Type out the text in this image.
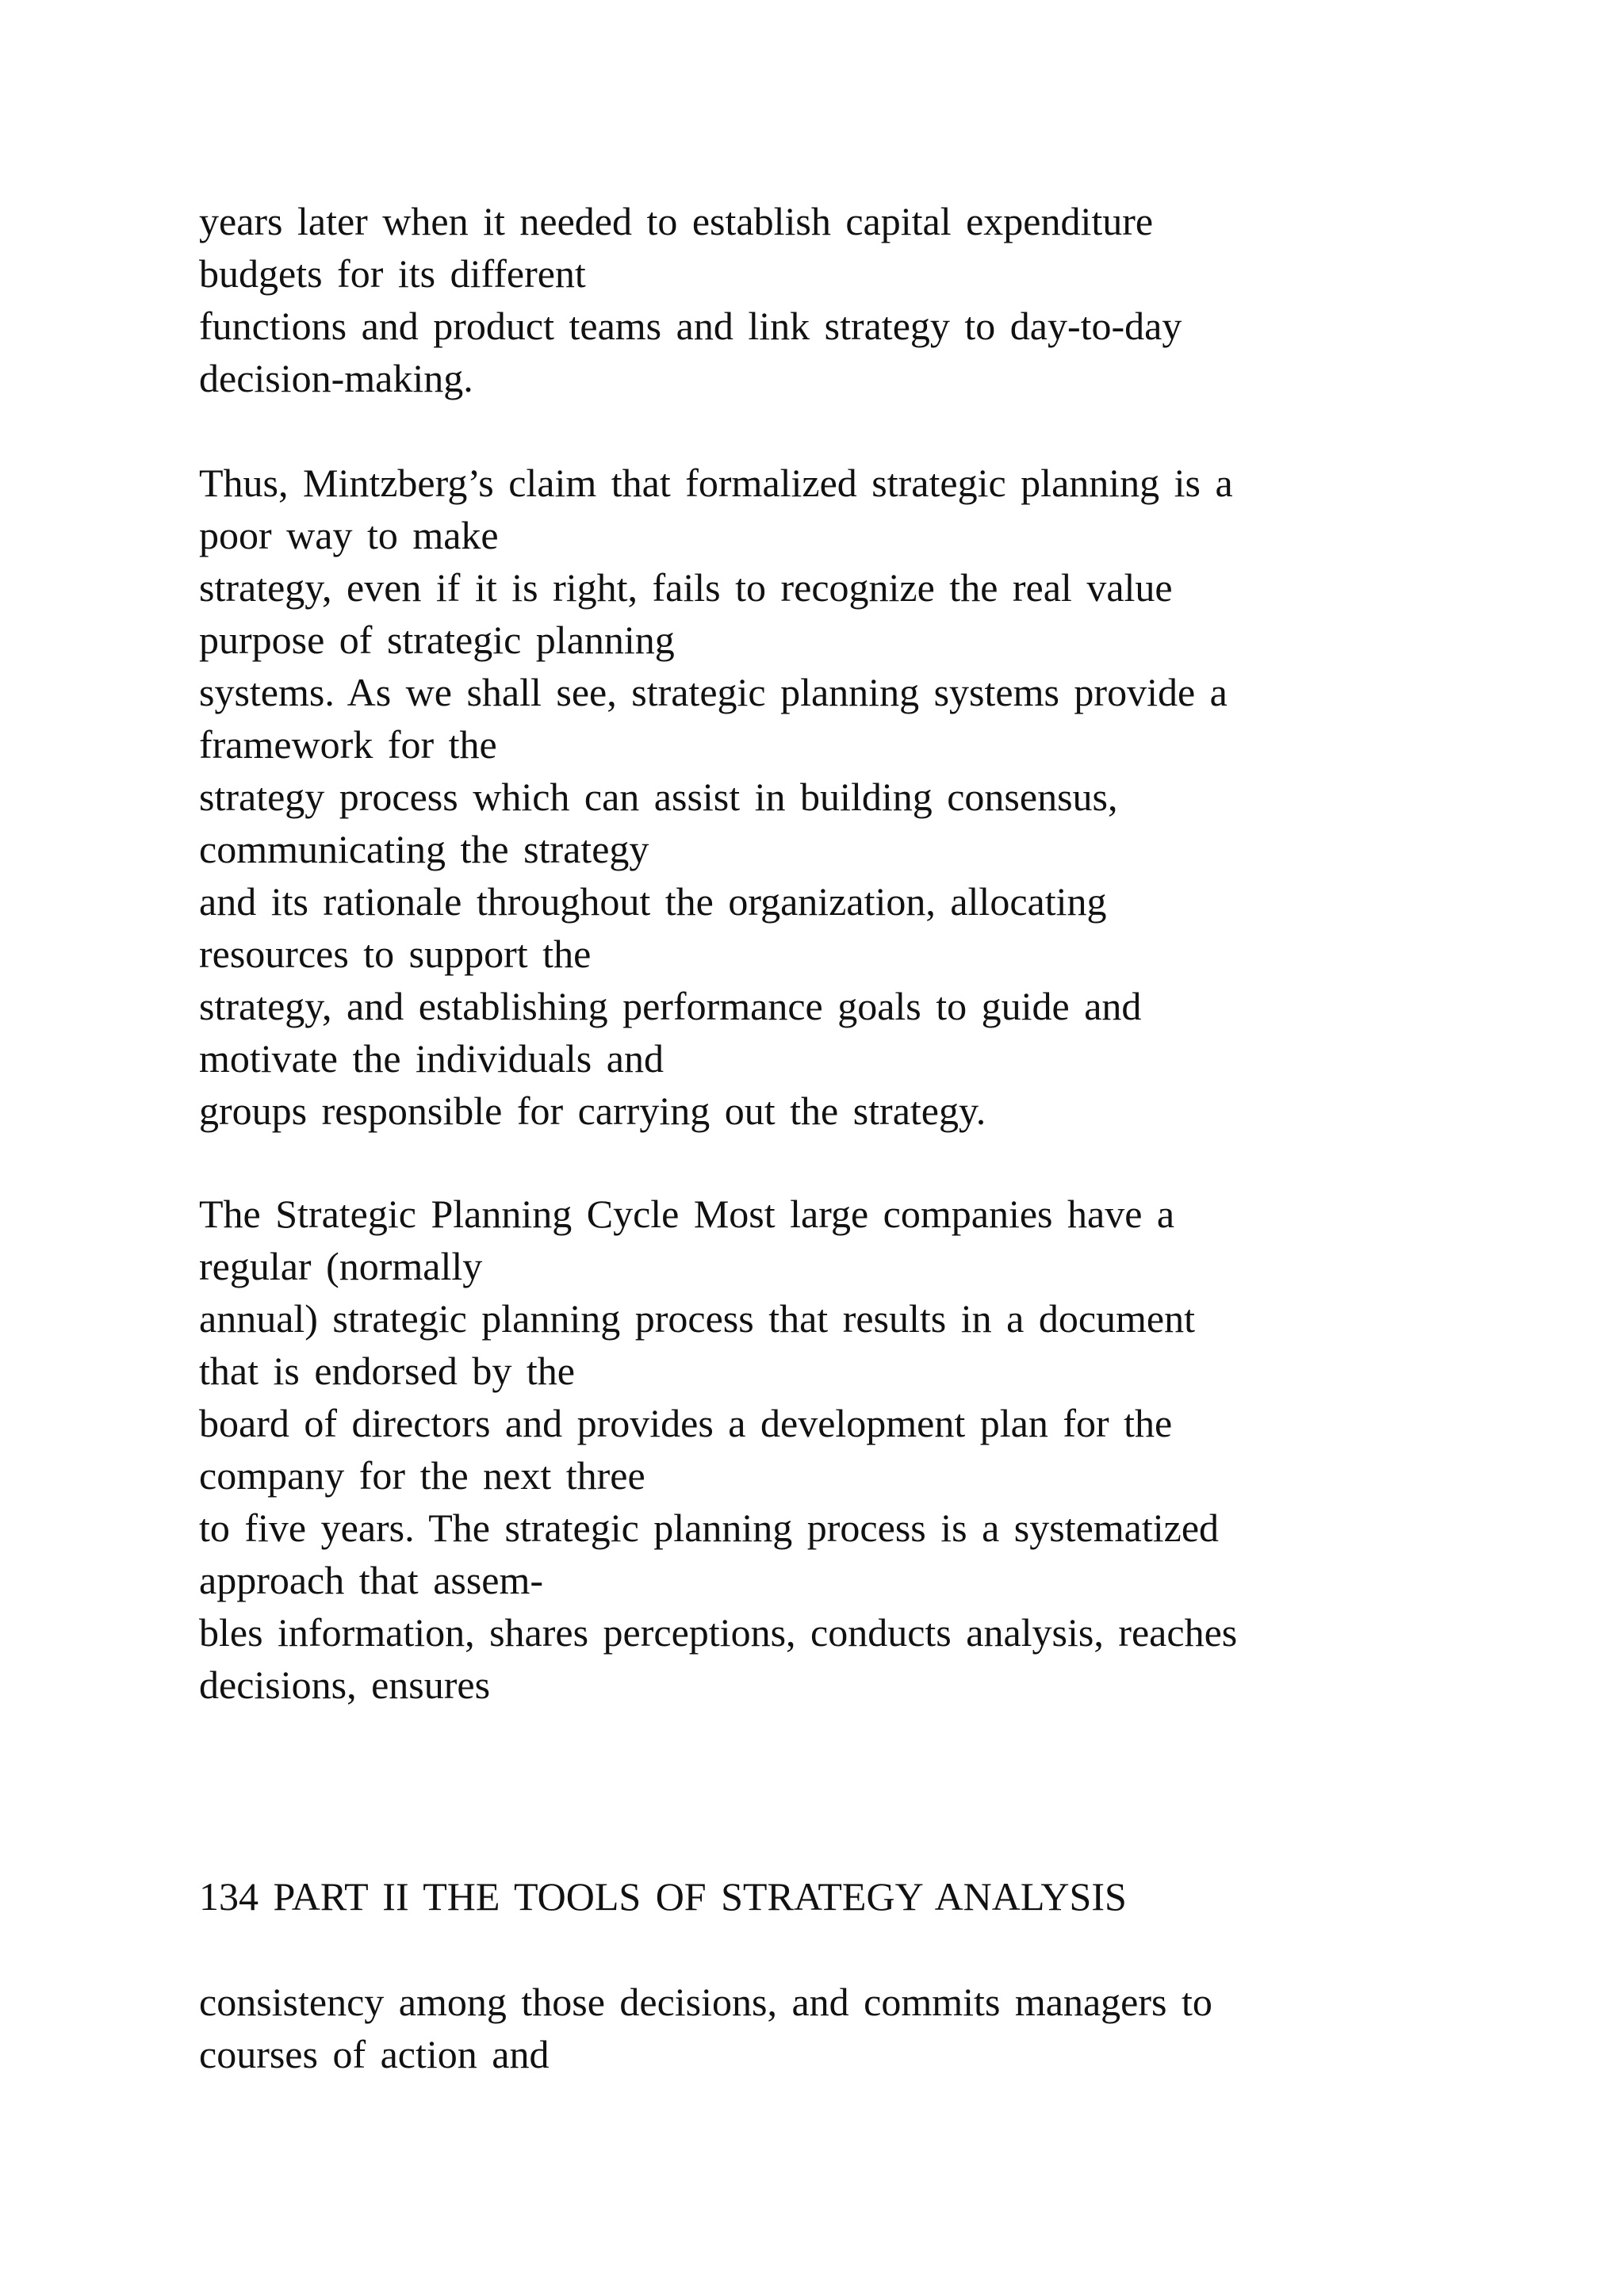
years later when it needed to establish capital expenditure
budgets for its different
functions and product teams and link strategy to day-to-day
decision-making.

Thus, Mintzberg’s claim that formalized strategic planning is a
poor way to make
strategy, even if it is right, fails to recognize the real value
purpose of strategic planning
systems. As we shall see, strategic planning systems provide a
framework for the
strategy process which can assist in building consensus,
communicating the strategy
and its rationale throughout the organization, allocating
resources to support the
strategy, and establishing performance goals to guide and
motivate the individuals and
groups responsible for carrying out the strategy.

The Strategic Planning Cycle Most large companies have a
regular (normally
annual) strategic planning process that results in a document
that is endorsed by the
board of directors and provides a development plan for the
company for the next three
to five years. The strategic planning process is a systematized
approach that assem-
bles information, shares perceptions, conducts analysis, reaches
decisions, ensures

134 PART II THE TOOLS OF STRATEGY ANALYSIS

consistency among those decisions, and commits managers to
courses of action and
